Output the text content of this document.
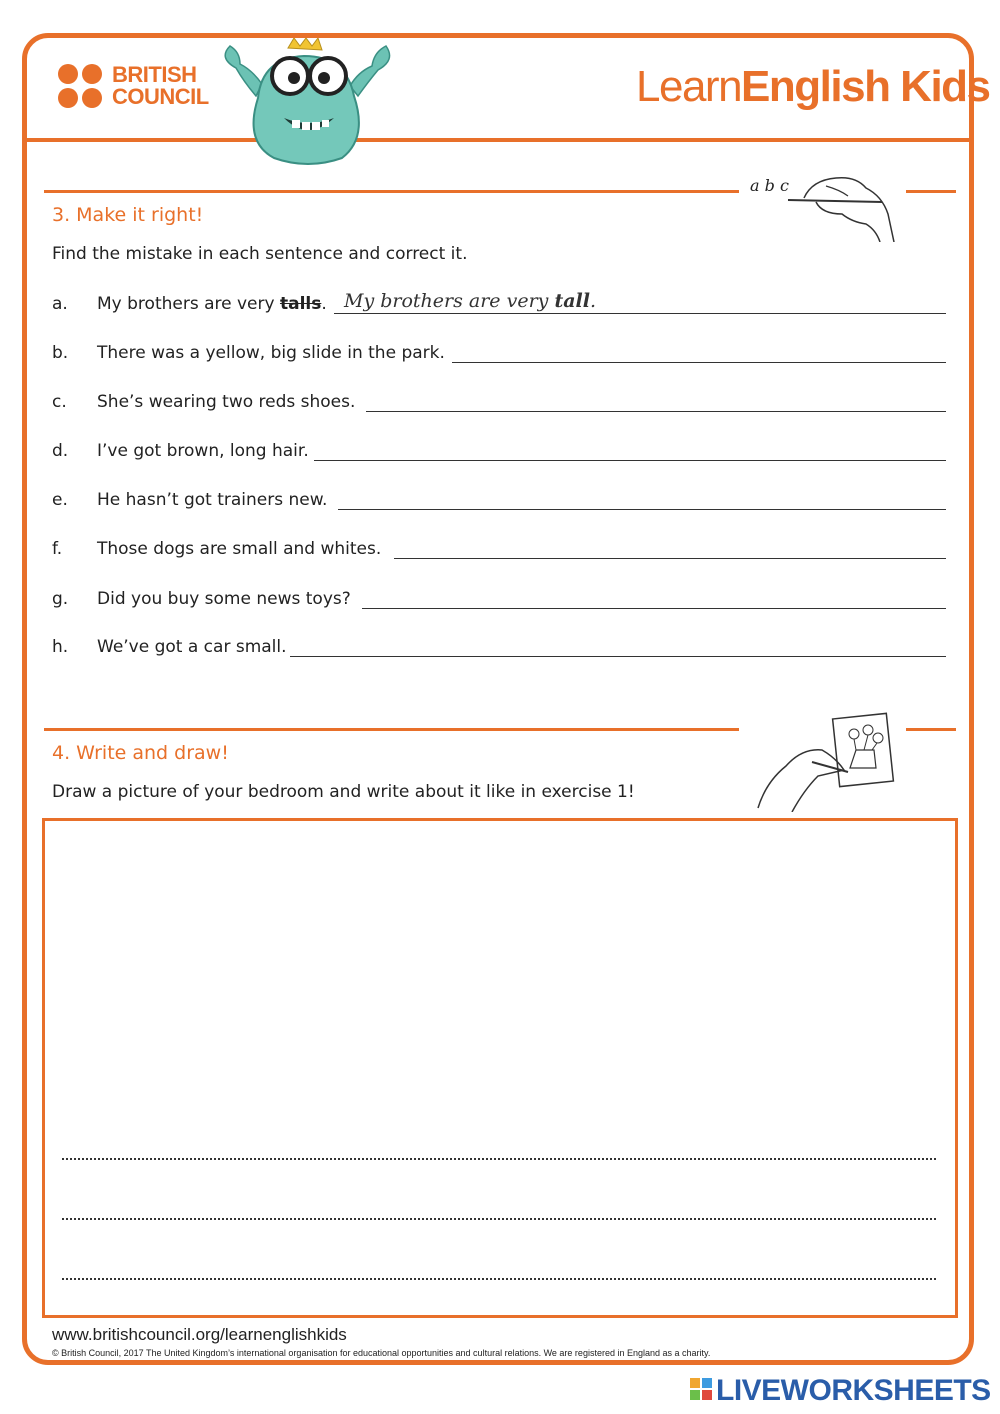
BRITISH
COUNCIL	LearnEnglish Kids
a b c
3. Make it right!
Find the mistake in each sentence and correct it.
a. My brothers are very talls. My brothers are very tall.
b. There was a yellow, big slide in the park.
c. She’s wearing two reds shoes.
d. I’ve got brown, long hair.
e. He hasn’t got trainers new.
f. Those dogs are small and whites.
g. Did you buy some news toys?
h. We’ve got a car small.
4. Write and draw!
Draw a picture of your bedroom and write about it like in exercise 1!
www.britishcouncil.org/learnenglishkids
© British Council, 2017 The United Kingdom’s international organisation for educational opportunities and cultural relations. We are registered in England as a charity.
LIVEWORKSHEETS
